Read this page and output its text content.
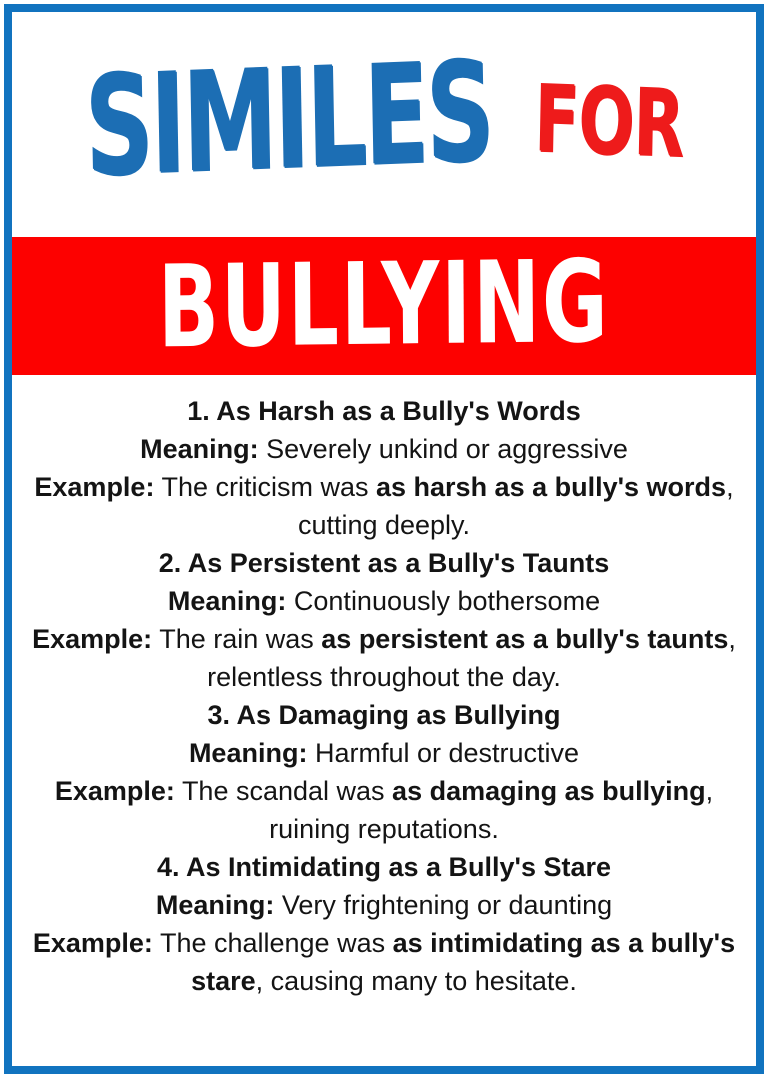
SIMILES FOR
BULLYING
1. As Harsh as a Bully's Words
Meaning: Severely unkind or aggressive
Example: The criticism was as harsh as a bully's words, cutting deeply.
2. As Persistent as a Bully's Taunts
Meaning: Continuously bothersome
Example: The rain was as persistent as a bully's taunts, relentless throughout the day.
3. As Damaging as Bullying
Meaning: Harmful or destructive
Example: The scandal was as damaging as bullying, ruining reputations.
4. As Intimidating as a Bully's Stare
Meaning: Very frightening or daunting
Example: The challenge was as intimidating as a bully's stare, causing many to hesitate.
